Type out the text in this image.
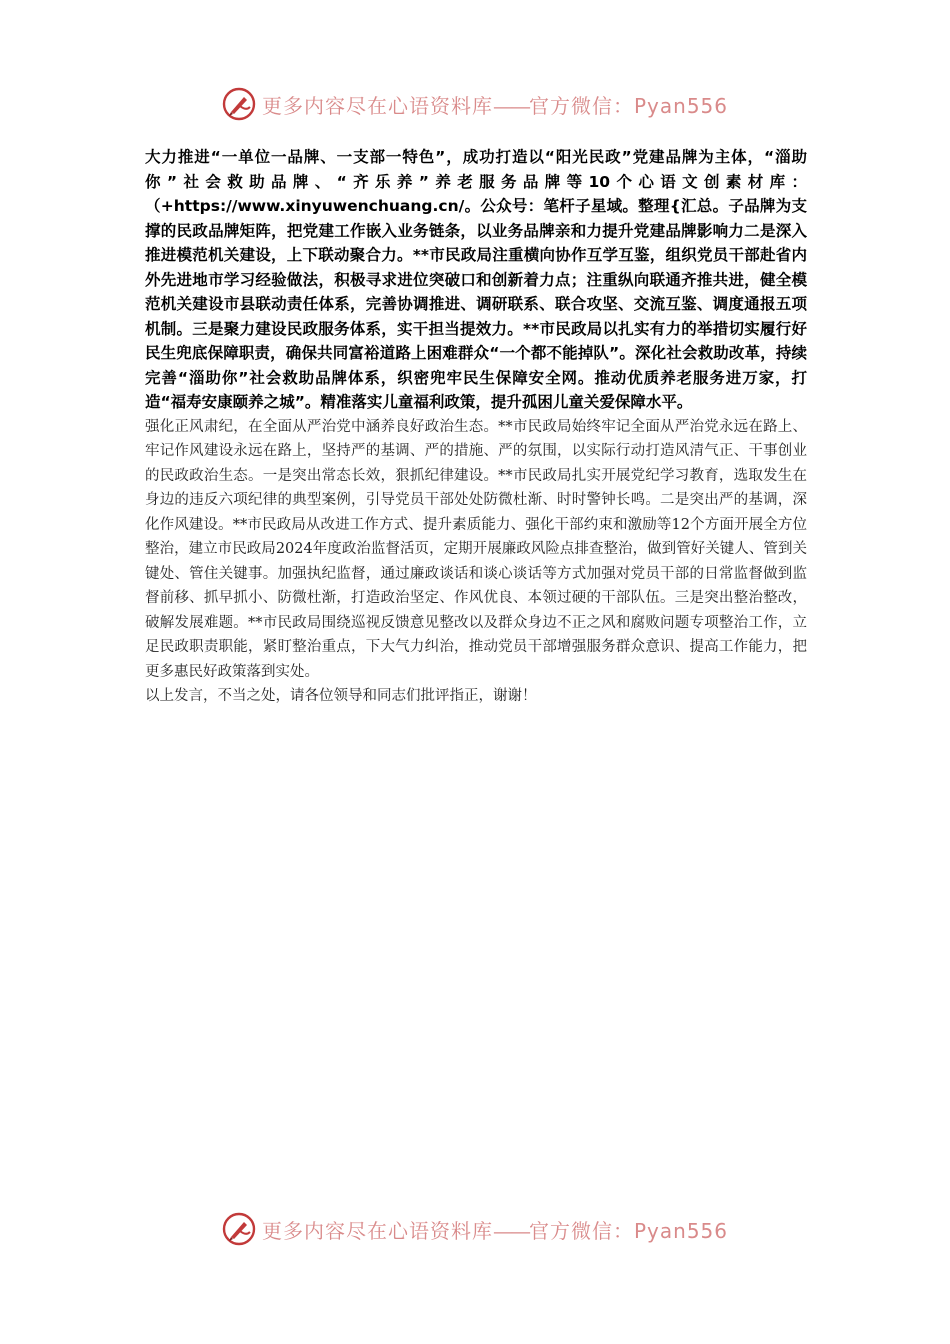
更多内容尽在心语资料库——官方微信：Pyan556

大力推进“一单位一品牌、一支部一特色”，成功打造以“阳光民政”党建品牌为主体，“淄助你”社会救助品牌、“齐乐养”养老服务品牌等10个心语文创素材库：（+https://www.xinyuwenchuang.cn/。公众号：笔杆子星域。整理{汇总。子品牌为支撑的民政品牌矩阵，把党建工作嵌入业务链条，以业务品牌亲和力提升党建品牌影响力二是深入推进模范机关建设，上下联动聚合力。**市民政局注重横向协作互学互鉴，组织党员干部赴省内外先进地市学习经验做法，积极寻求进位突破口和创新着力点；注重纵向联通齐推共进，健全模范机关建设市县联动责任体系，完善协调推进、调研联系、联合攻坚、交流互鉴、调度通报五项机制。三是聚力建设民政服务体系，实干担当提效力。**市民政局以扎实有力的举措切实履行好民生兜底保障职责，确保共同富裕道路上困难群众“一个都不能掉队”。深化社会救助改革，持续完善“淄助你”社会救助品牌体系，织密兜牢民生保障安全网。推动优质养老服务进万家，打造“福寿安康颐养之城”。精准落实儿童福利政策，提升孤困儿童关爱保障水平。

强化正风肃纪，在全面从严治党中涵养良好政治生态。**市民政局始终牢记全面从严治党永远在路上、牢记作风建设永远在路上，坚持严的基调、严的措施、严的氛围，以实际行动打造风清气正、干事创业的民政政治生态。一是突出常态长效，狠抓纪律建设。**市民政局扎实开展党纪学习教育，选取发生在身边的违反六项纪律的典型案例，引导党员干部处处防微杜渐、时时警钟长鸣。二是突出严的基调，深化作风建设。**市民政局从改进工作方式、提升素质能力、强化干部约束和激励等12个方面开展全方位整治，建立市民政局2024年度政治监督活页，定期开展廉政风险点排查整治，做到管好关键人、管到关键处、管住关键事。加强执纪监督，通过廉政谈话和谈心谈话等方式加强对党员干部的日常监督做到监督前移、抓早抓小、防微杜渐，打造政治坚定、作风优良、本领过硬的干部队伍。三是突出整治整改，破解发展难题。**市民政局围绕巡视反馈意见整改以及群众身边不正之风和腐败问题专项整治工作，立足民政职责职能，紧盯整治重点，下大气力纠治，推动党员干部增强服务群众意识、提高工作能力，把更多惠民好政策落到实处。

以上发言，不当之处，请各位领导和同志们批评指正，谢谢！

更多内容尽在心语资料库——官方微信：Pyan556
